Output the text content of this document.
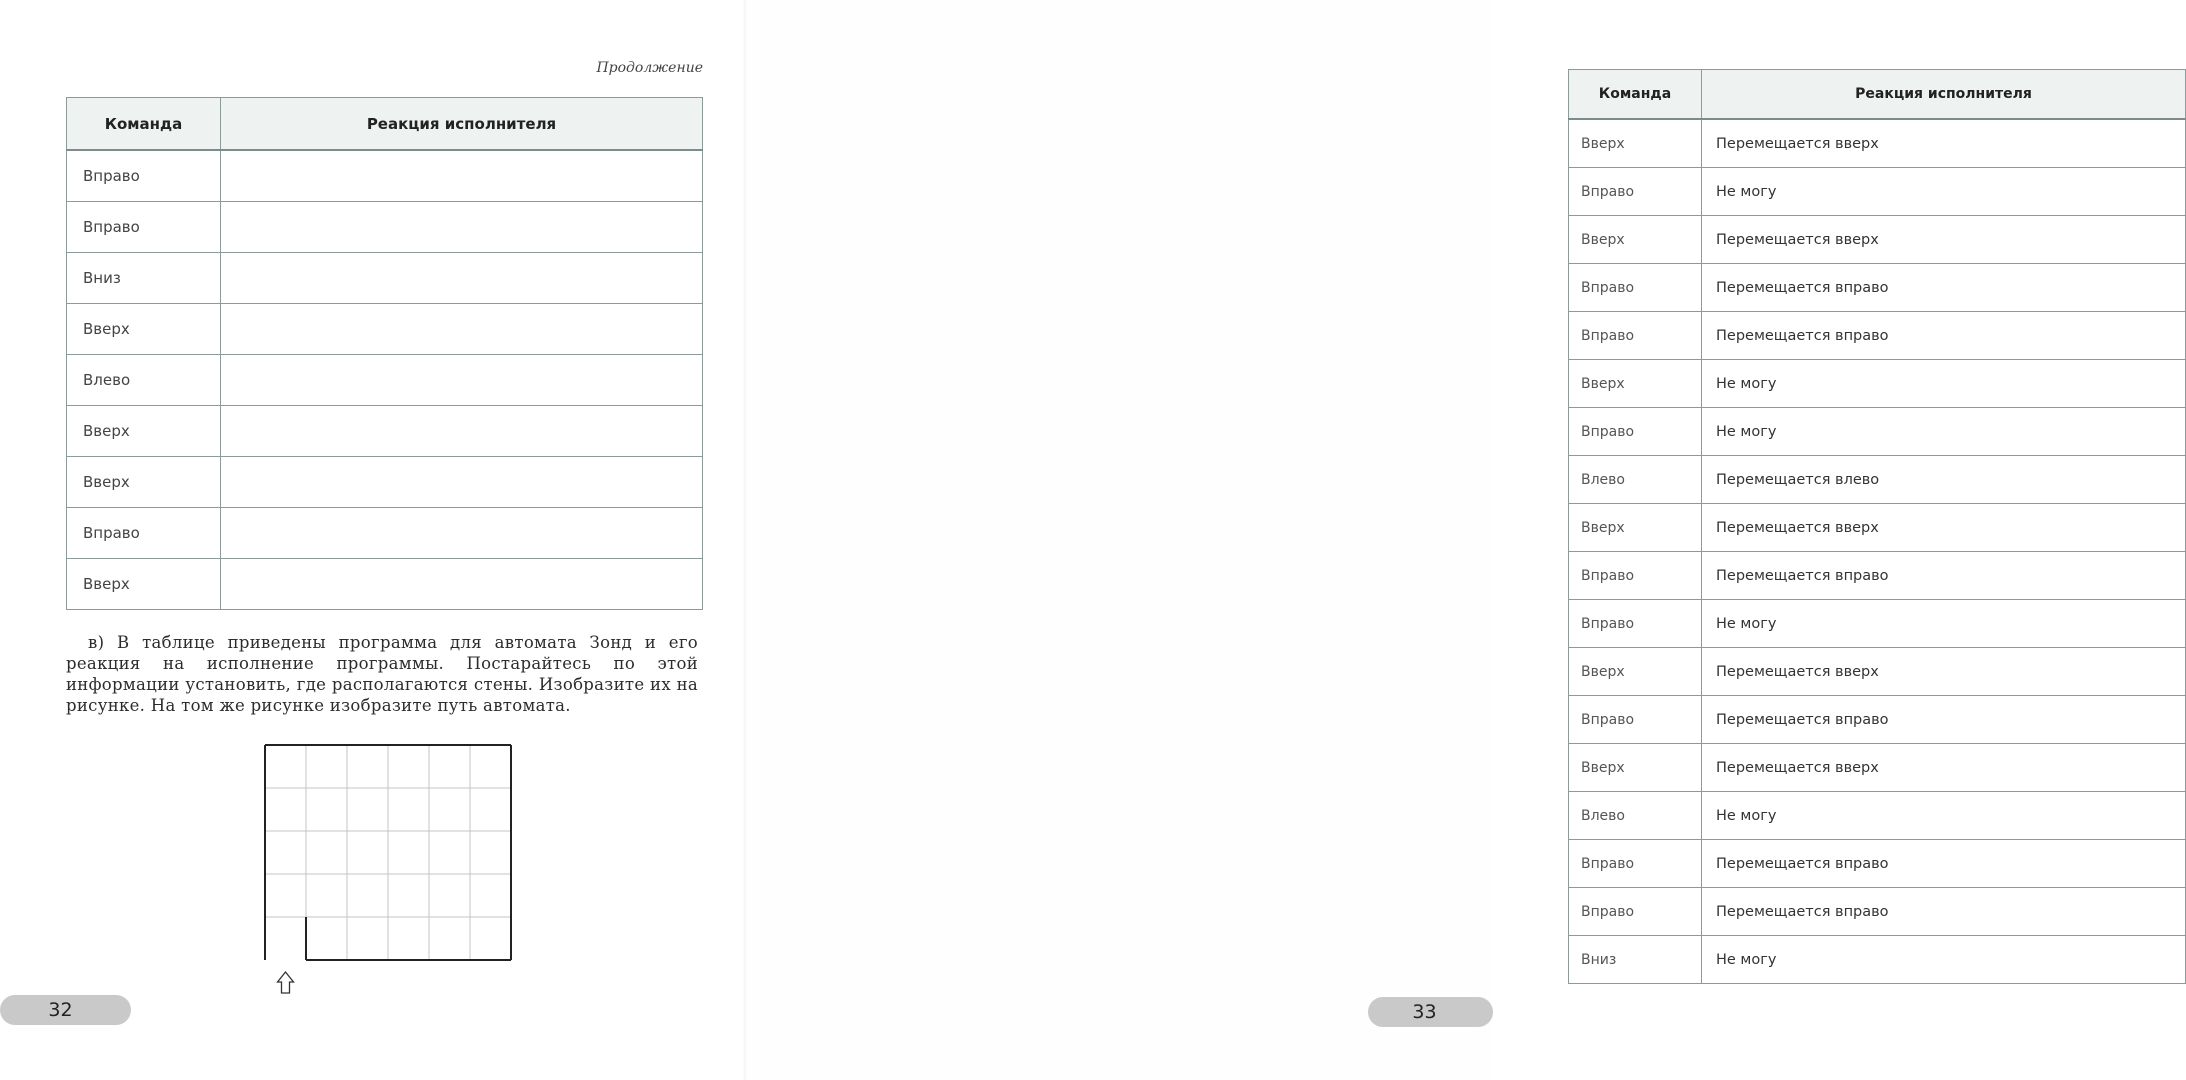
Продолжение
Команда	Реакция исполнителя
Вправо	
Вправо	
Вниз	
Вверх	
Влево	
Вверх	
Вверх	
Вправо	
Вверх	
в) В таблице приведены программа для автомата Зонд и его реакция на исполнение программы. Постарайтесь по этой информации установить, где располагаются стены. Изобразите их на рисунке. На том же рисунке изобразите путь автомата.
32
Команда	Реакция исполнителя
Вверх	Перемещается вверх
Вправо	Не могу
Вверх	Перемещается вверх
Вправо	Перемещается вправо
Вправо	Перемещается вправо
Вверх	Не могу
Вправо	Не могу
Влево	Перемещается влево
Вверх	Перемещается вверх
Вправо	Перемещается вправо
Вправо	Не могу
Вверх	Перемещается вверх
Вправо	Перемещается вправо
Вверх	Перемещается вверх
Влево	Не могу
Вправо	Перемещается вправо
Вправо	Перемещается вправо
Вниз	Не могу
33
